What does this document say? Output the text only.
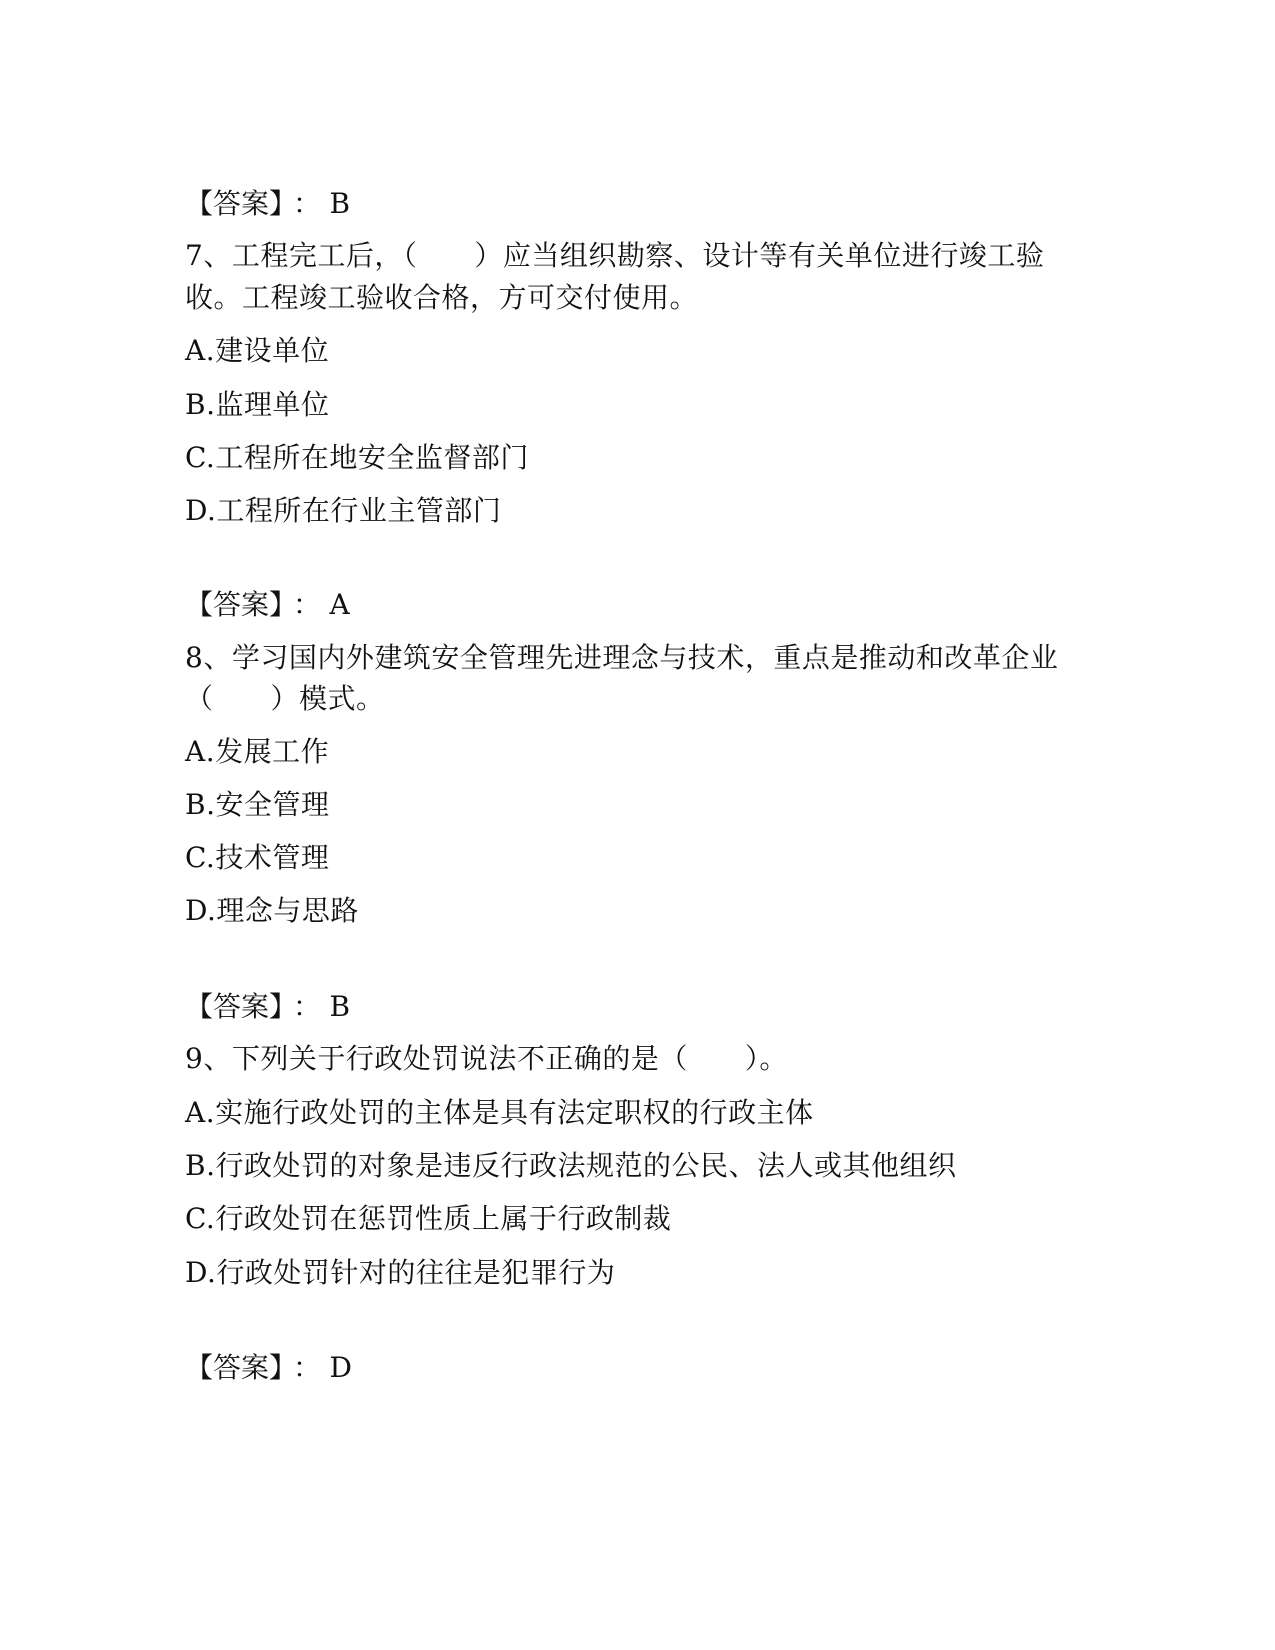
【答案】 ： B
7、工程完工后，（　　）应当组织勘察、设计等有关单位进行竣工验
收。工程竣工验收合格，方可交付使用。
A.建设单位
B.监理单位
C.工程所在地安全监督部门
D.工程所在行业主管部门
【答案】 ： A
8、学习国内外建筑安全管理先进理念与技术，重点是推动和改革企业
（　　）模式。
A.发展工作
B.安全管理
C.技术管理
D.理念与思路
【答案】 ： B
9、下列关于行政处罚说法不正确的是（　　）。
A.实施行政处罚的主体是具有法定职权的行政主体
B.行政处罚的对象是违反行政法规范的公民、法人或其他组织
C.行政处罚在惩罚性质上属于行政制裁
D.行政处罚针对的往往是犯罪行为
【答案】 ： D
